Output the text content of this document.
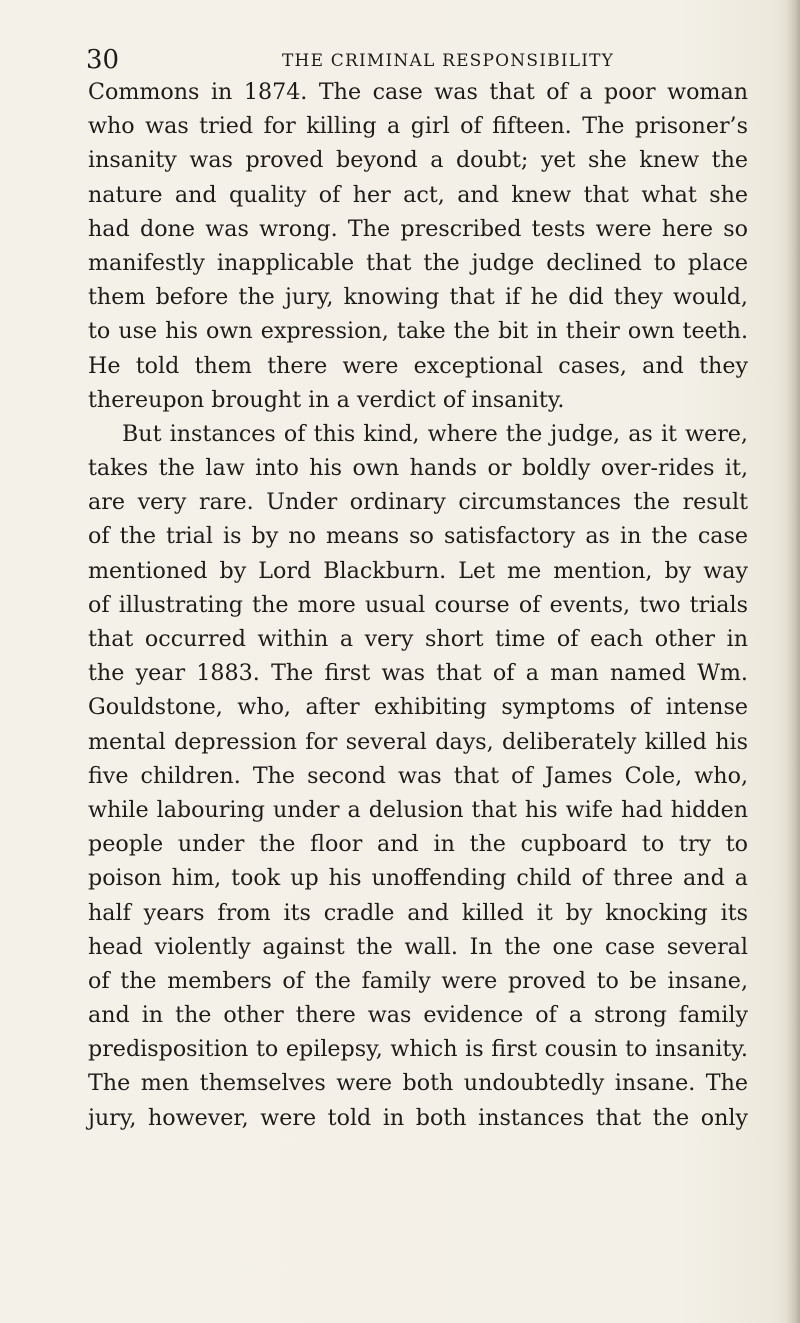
30	THE CRIMINAL RESPONSIBILITY
Commons in 1874. The case was that of a poor woman
who was tried for killing a girl of fifteen. The prisoner’s
insanity was proved beyond a doubt; yet she knew the
nature and quality of her act, and knew that what she
had done was wrong. The prescribed tests were here so
manifestly inapplicable that the judge declined to place
them before the jury, knowing that if he did they would,
to use his own expression, take the bit in their own teeth.
He told them there were exceptional cases, and they
thereupon brought in a verdict of insanity.
But instances of this kind, where the judge, as it were,
takes the law into his own hands or boldly over-rides it,
are very rare. Under ordinary circumstances the result
of the trial is by no means so satisfactory as in the case
mentioned by Lord Blackburn. Let me mention, by way
of illustrating the more usual course of events, two trials
that occurred within a very short time of each other in
the year 1883. The first was that of a man named Wm.
Gouldstone, who, after exhibiting symptoms of intense
mental depression for several days, deliberately killed his
five children. The second was that of James Cole, who,
while labouring under a delusion that his wife had hidden
people under the floor and in the cupboard to try to
poison him, took up his unoffending child of three and a
half years from its cradle and killed it by knocking its
head violently against the wall. In the one case several
of the members of the family were proved to be insane,
and in the other there was evidence of a strong family
predisposition to epilepsy, which is first cousin to insanity.
The men themselves were both undoubtedly insane. The
jury, however, were told in both instances that the only
